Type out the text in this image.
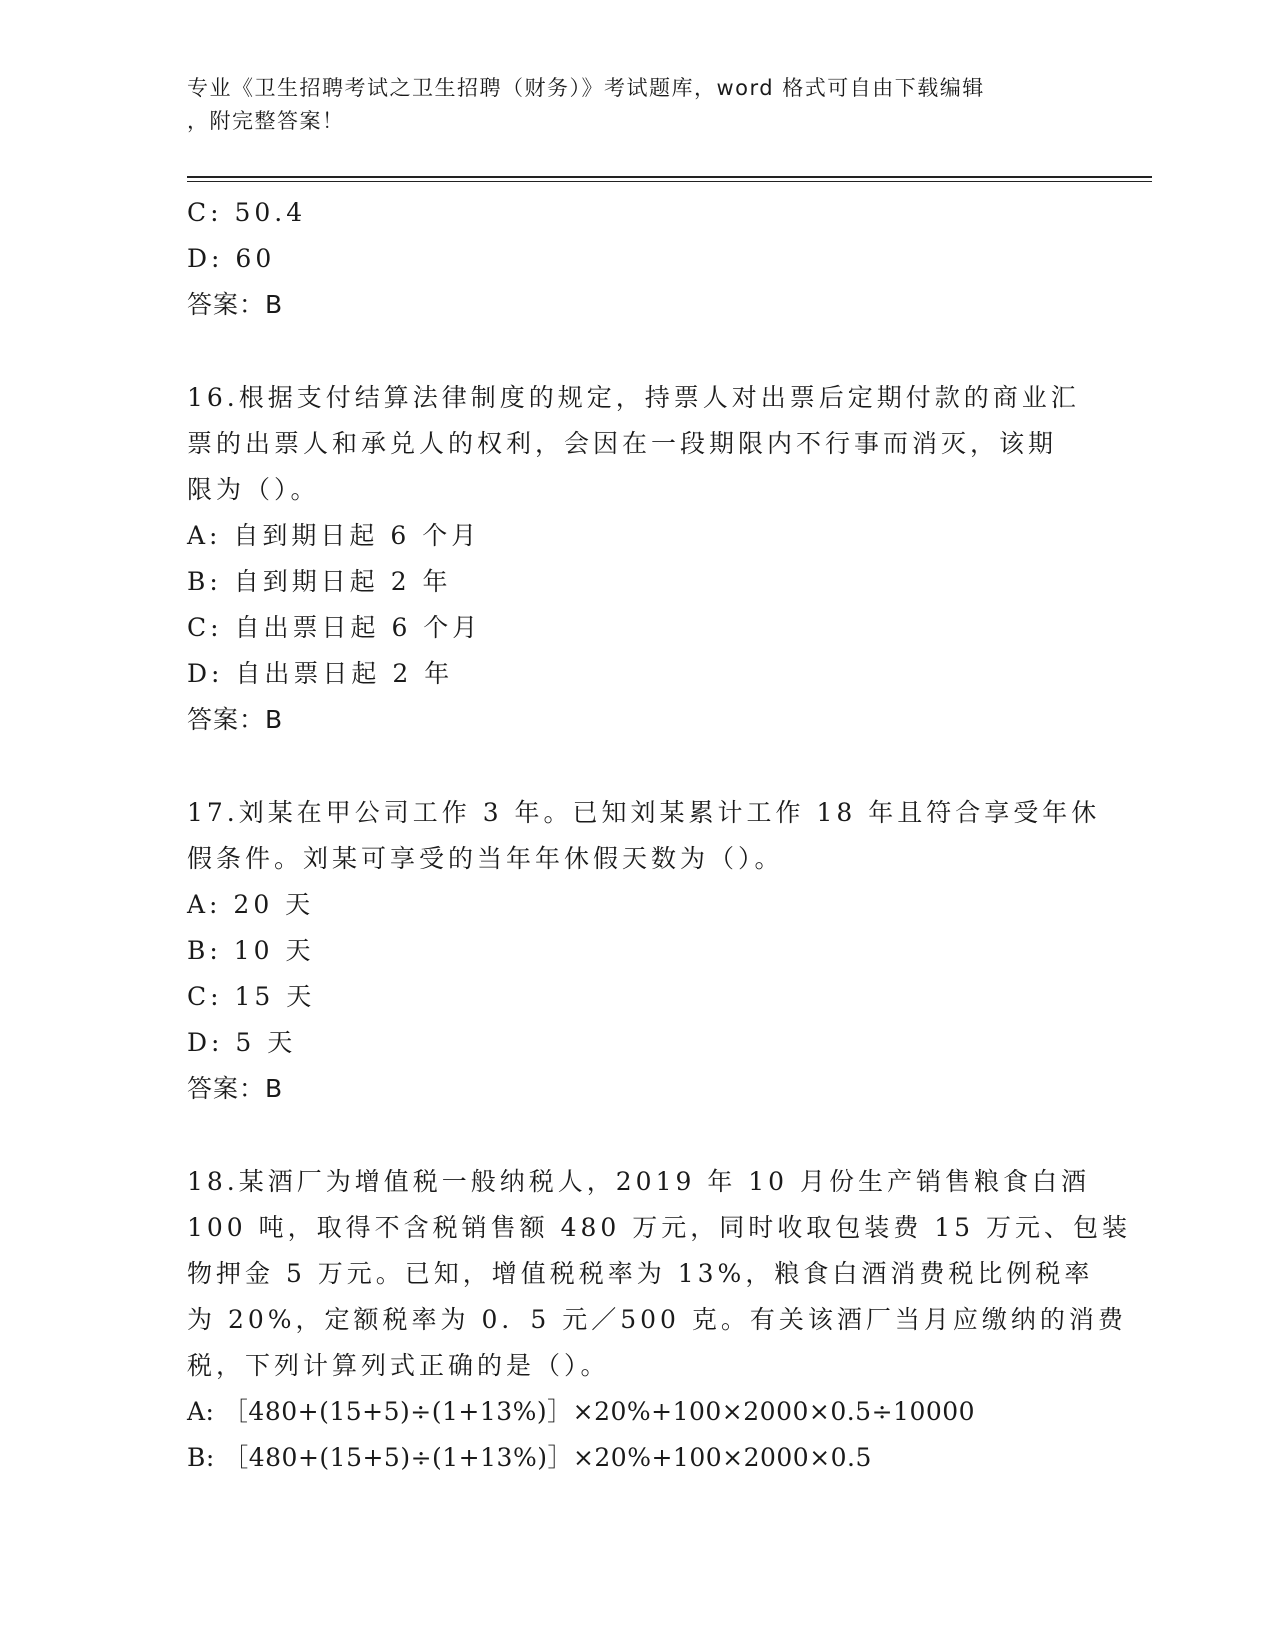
专业《卫生招聘考试之卫生招聘（财务）》考试题库，word 格式可自由下载编辑
，附完整答案！
C: 50.4
D: 60
答案：B
16.根据支付结算法律制度的规定，持票人对出票后定期付款的商业汇
票的出票人和承兑人的权利，会因在一段期限内不行事而消灭，该期
限为（）。
A: 自到期日起 6 个月
B: 自到期日起 2 年
C: 自出票日起 6 个月
D: 自出票日起 2 年
答案：B
17.刘某在甲公司工作 3 年。已知刘某累计工作 18 年且符合享受年休
假条件。刘某可享受的当年年休假天数为（）。
A: 20 天
B: 10 天
C: 15 天
D: 5 天
答案：B
18.某酒厂为增值税一般纳税人，2019 年 10 月份生产销售粮食白酒
100 吨，取得不含税销售额 480 万元，同时收取包装费 15 万元、包装
物押金 5 万元。已知，增值税税率为 13%，粮食白酒消费税比例税率
为 20%，定额税率为 0．5 元／500 克。有关该酒厂当月应缴纳的消费
税，下列计算列式正确的是（）。
A: ［480+(15+5)÷(1+13%)］×20%+100×2000×0.5÷10000
B: ［480+(15+5)÷(1+13%)］×20%+100×2000×0.5
